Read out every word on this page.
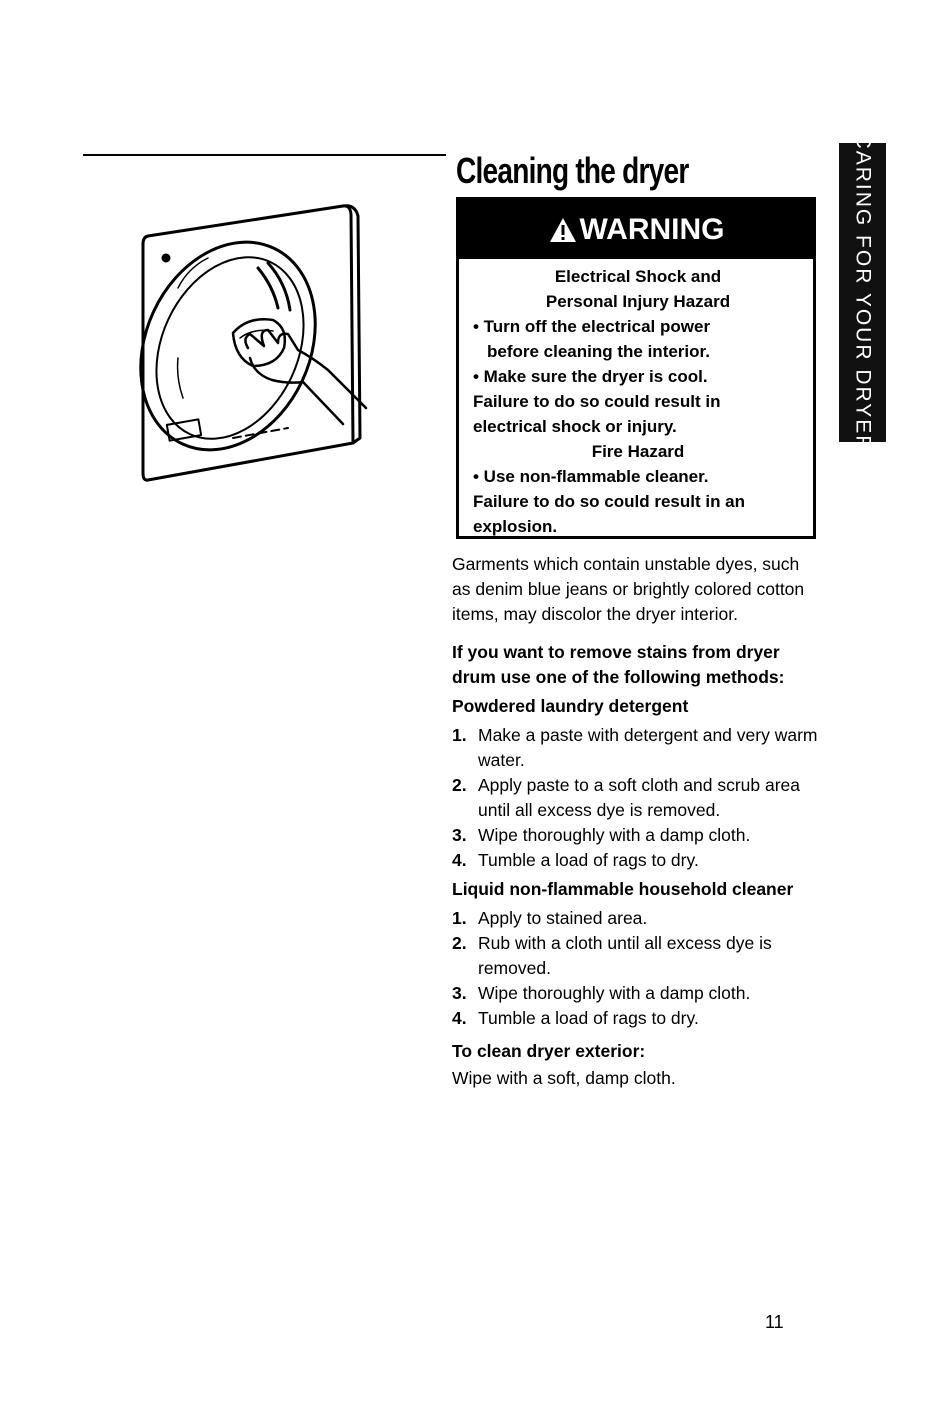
Cleaning the dryer	CARING FOR YOUR DRYER
WARNING
Electrical Shock and
Personal Injury Hazard
• Turn off the electrical power
before cleaning the interior.
• Make sure the dryer is cool.
Failure to do so could result in
electrical shock or injury.
Fire Hazard
• Use non-flammable cleaner.
Failure to do so could result in an
explosion.

Garments which contain unstable dyes, such as denim blue jeans or brightly colored cotton items, may discolor the dryer interior.

If you want to remove stains from dryer drum use one of the following methods:

Powdered laundry detergent

1. Make a paste with detergent and very warm water.
2. Apply paste to a soft cloth and scrub area until all excess dye is removed.
3. Wipe thoroughly with a damp cloth.
4. Tumble a load of rags to dry.

Liquid non-flammable household cleaner

1. Apply to stained area.
2. Rub with a cloth until all excess dye is removed.
3. Wipe thoroughly with a damp cloth.
4. Tumble a load of rags to dry.

To clean dryer exterior:

Wipe with a soft, damp cloth.

11
